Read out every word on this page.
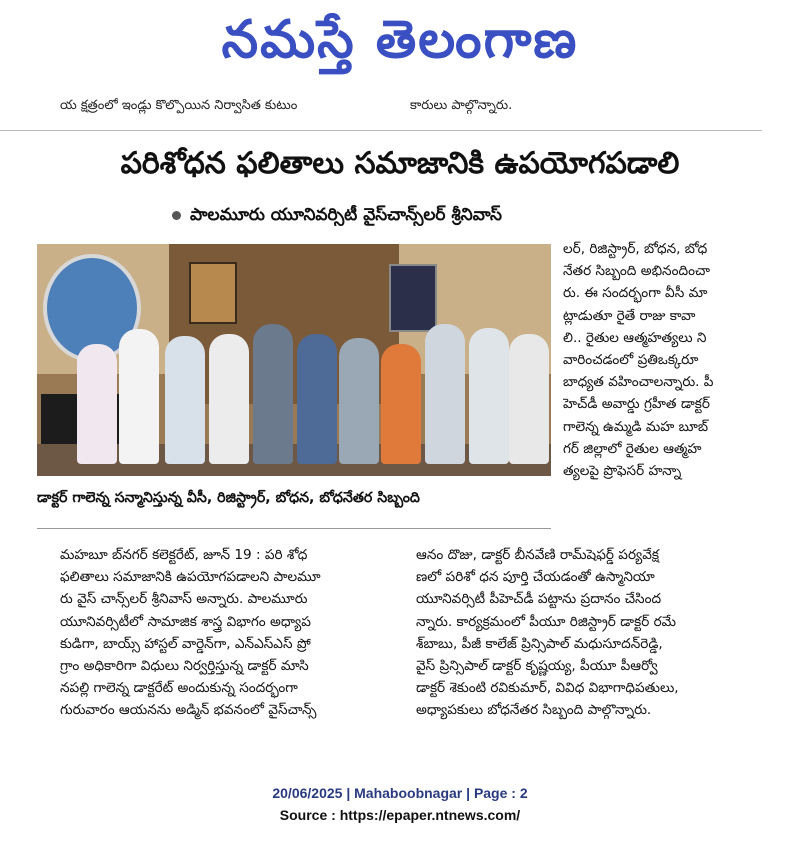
నమస్తే తెలంగాణ
య క్షత్రంలో ఇండ్లు కొల్పొయిన నిర్వాసిత కుటుం	కారులు పాల్గొన్నారు.
పరిశోధన ఫలితాలు సమాజానికి ఉపయోగపడాలి
పాలమూరు యూనివర్సిటీ వైస్‌చాన్స్‌లర్ శ్రీనివాస్
డాక్టర్ గాలెన్న సన్మానిస్తున్న వీసీ, రిజిస్ట్రార్, బోధన, బోధనేతర సిబ్బంది
లర్, రిజిస్ట్రార్, బోధన, బోధ
నేతర సిబ్బంది అభినందించా
రు. ఈ సందర్భంగా వీసీ మా
ట్లాడుతూ రైతే రాజు కావా
లి.. రైతుల ఆత్మహత్యలు ని
వారించడంలో ప్రతిఒక్కరూ
బాధ్యత వహించాలన్నారు. పీ
హెచ్‌డీ అవార్డు గ్రహీత డాక్టర్
గాలెన్న ఉమ్మడి మహ బూబ్
గర్ జిల్లాలో రైతుల ఆత్మహ
త్యలపై ప్రొఫెసర్ హన్నా
మహబూ బ్‌నగర్ కలెక్టరేట్, జూన్ 19 : పరి శోధ
ఫలితాలు సమాజానికి ఉపయోగపడాలని పాలమూ
రు వైస్ చాన్స్‌లర్ శ్రీనివాస్ అన్నారు. పాలమూరు
యూనివర్సిటీలో సామాజిక శాస్త్ర విభాగం అధ్యాప
కుడిగా, బాయ్స్ హాస్టల్ వార్డెన్‌గా, ఎన్‌ఎస్‌ఎస్ ప్రో
గ్రాం అధికారిగా విధులు నిర్వర్తిస్తున్న డాక్టర్ మాసి
నపల్లి గాలెన్న డాక్టరేట్ అందుకున్న సందర్భంగా
గురువారం ఆయనను అడ్మిన్ భవనంలో వైస్‌చాన్స్
ఆనం దొజు, డాక్టర్ బీనవేణి రామ్‌షెఫర్డ్ పర్యవేక్ష
ణలో పరిశో ధన పూర్తి చేయడంతో ఉస్మానియా
యూనివర్సిటీ పీహెచ్‌డీ పట్టాను ప్రదానం చేసింద
న్నారు. కార్యక్రమంలో పీయూ రిజిస్ట్రార్ డాక్టర్ రమే
శ్‌బాబు, పీజీ కాలేజ్ ప్రిన్సిపాల్ మధుసూదన్‌రెడ్డి,
వైస్ ప్రిన్సిపాల్ డాక్టర్ కృష్ణయ్య, పీయూ పీఆర్వో
డాక్టర్ శెకుంటి రవికుమార్, వివిధ విభాగాధిపతులు,
అధ్యాపకులు బోధనేతర సిబ్బంది పాల్గొన్నారు.
20/06/2025 | Mahaboobnagar | Page : 2
Source : https://epaper.ntnews.com/
